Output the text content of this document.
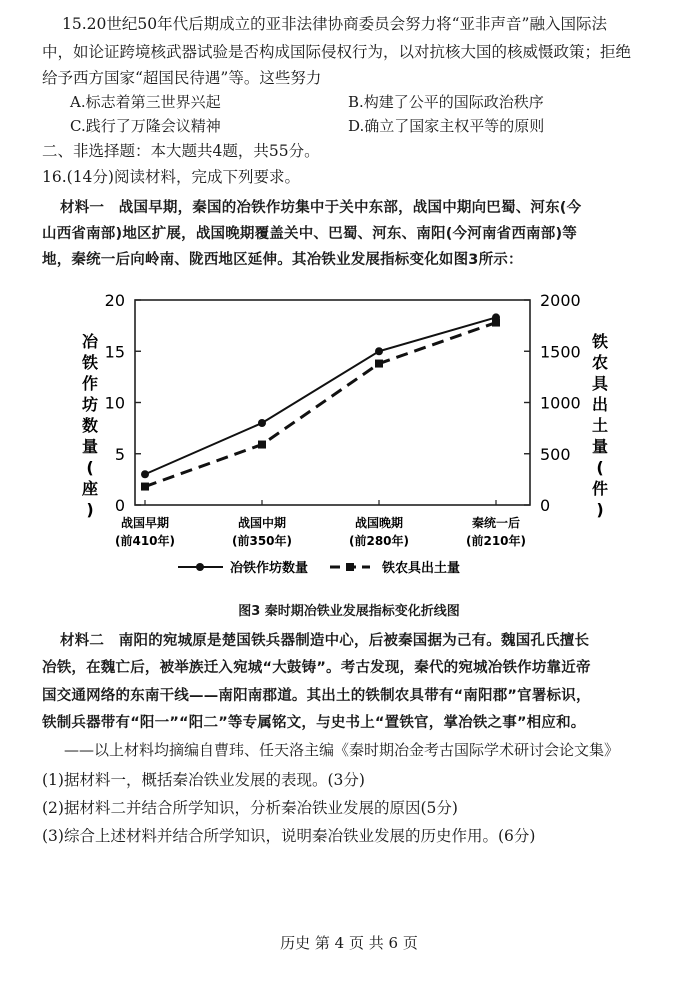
15.20世纪50年代后期成立的亚非法律协商委员会努力将“亚非声音”融入国际法
中，如论证跨境核武器试验是否构成国际侵权行为，以对抗核大国的核威慑政策；拒绝
给予西方国家“超国民待遇”等。这些努力
A.标志着第三世界兴起	B.构建了公平的国际政治秩序
C.践行了万隆会议精神	D.确立了国家主权平等的原则
二、非选择题：本大题共4题，共55分。
16.(14分)阅读材料，完成下列要求。
材料一　战国早期，秦国的冶铁作坊集中于关中东部，战国中期向巴蜀、河东(今
山西省南部)地区扩展，战国晚期覆盖关中、巴蜀、河东、南阳(今河南省西南部)等
地，秦统一后向岭南、陇西地区延伸。其冶铁业发展指标变化如图3所示：
0
5
10
15
20
0
500
1000
1500
2000
战国早期
(前410年)
战国中期
(前350年)
战国晚期
(前280年)
秦统一后
(前210年)
冶铁作坊数量(座)
铁农具出土量(件)
冶铁作坊数量	铁农具出土量
图3 秦时期冶铁业发展指标变化折线图
材料二　南阳的宛城原是楚国铁兵器制造中心，后被秦国据为己有。魏国孔氏擅长
冶铁，在魏亡后，被举族迁入宛城“大鼓铸”。考古发现，秦代的宛城冶铁作坊靠近帝
国交通网络的东南干线——南阳南郡道。其出土的铁制农具带有“南阳郡”官署标识，
铁制兵器带有“阳一”“阳二”等专属铭文，与史书上“置铁官，掌冶铁之事”相应和。
——以上材料均摘编自曹玮、任天洛主编《秦时期冶金考古国际学术研讨会论文集》
(1)据材料一，概括秦冶铁业发展的表现。(3分)
(2)据材料二并结合所学知识，分析秦冶铁业发展的原因(5分)
(3)综合上述材料并结合所学知识，说明秦冶铁业发展的历史作用。(6分)
历史 第 4 页 共 6 页
